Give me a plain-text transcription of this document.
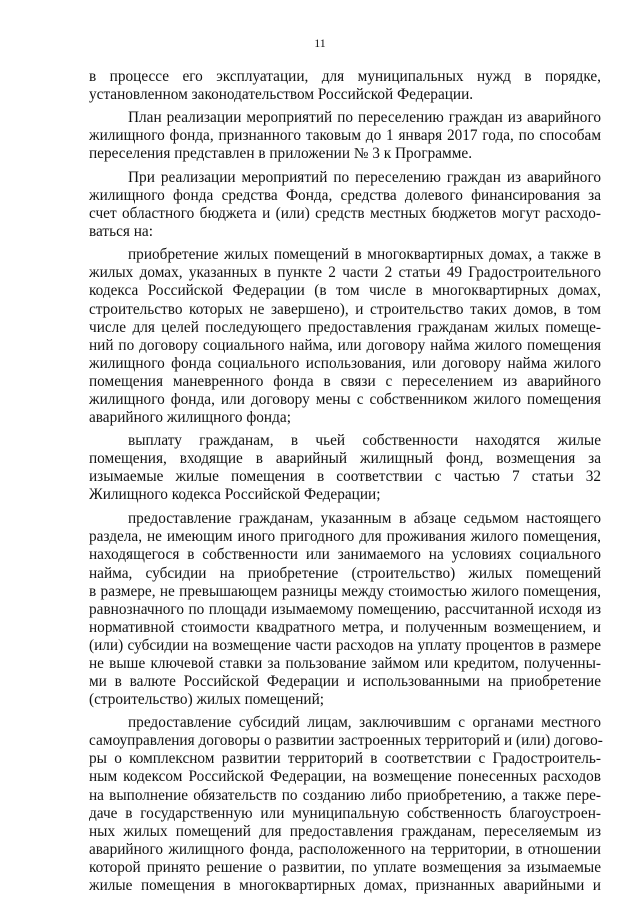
11
в процессе его эксплуатации, для муниципальных нужд в порядке,
установленном законодательством Российской Федерации.
План реализации мероприятий по переселению граждан из аварийного
жилищного фонда, признанного таковым до 1 января 2017 года, по способам
переселения представлен в приложении № 3 к Программе.
При реализации мероприятий по переселению граждан из аварийного
жилищного фонда средства Фонда, средства долевого финансирования за
счет областного бюджета и (или) средств местных бюджетов могут расходо-
ваться на:
приобретение жилых помещений в многоквартирных домах, а также в
жилых домах, указанных в пункте 2 части 2 статьи 49 Градостроительного
кодекса Российской Федерации (в том числе в многоквартирных домах,
строительство которых не завершено), и строительство таких домов, в том
числе для целей последующего предоставления гражданам жилых помеще-
ний по договору социального найма, или договору найма жилого помещения
жилищного фонда социального использования, или договору найма жилого
помещения маневренного фонда в связи с переселением из аварийного
жилищного фонда, или договору мены с собственником жилого помещения
аварийного жилищного фонда;
выплату гражданам, в чьей собственности находятся жилые
помещения, входящие в аварийный жилищный фонд, возмещения за
изымаемые жилые помещения в соответствии с частью 7 статьи 32
Жилищного кодекса Российской Федерации;
предоставление гражданам, указанным в абзаце седьмом настоящего
раздела, не имеющим иного пригодного для проживания жилого помещения,
находящегося в собственности или занимаемого на условиях социального
найма, субсидии на приобретение (строительство) жилых помещений
в размере, не превышающем разницы между стоимостью жилого помещения,
равнозначного по площади изымаемому помещению, рассчитанной исходя из
нормативной стоимости квадратного метра, и полученным возмещением, и
(или) субсидии на возмещение части расходов на уплату процентов в размере
не выше ключевой ставки за пользование займом или кредитом, полученны-
ми в валюте Российской Федерации и использованными на приобретение
(строительство) жилых помещений;
предоставление субсидий лицам, заключившим с органами местного
самоуправления договоры о развитии застроенных территорий и (или) догово-
ры о комплексном развитии территорий в соответствии с Градостроитель-
ным кодексом Российской Федерации, на возмещение понесенных расходов
на выполнение обязательств по созданию либо приобретению, а также пере-
даче в государственную или муниципальную собственность благоустроен-
ных жилых помещений для предоставления гражданам, переселяемым из
аварийного жилищного фонда, расположенного на территории, в отношении
которой принято решение о развитии, по уплате возмещения за изымаемые
жилые помещения в многоквартирных домах, признанных аварийными и
